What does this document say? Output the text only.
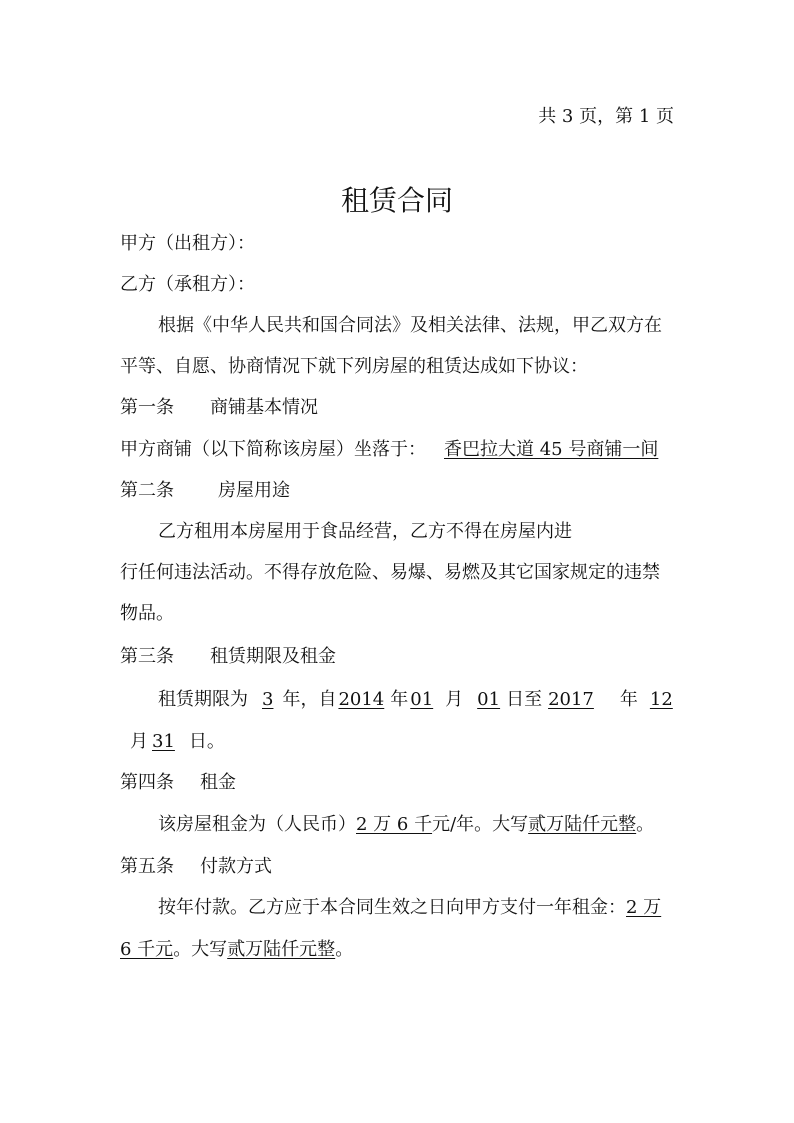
共 3 页，第 1 页
租赁合同
甲方（出租方）：
乙方（承租方）：
根据《中华人民共和国合同法》及相关法律、法规，甲乙双方在
平等、自愿、协商情况下就下列房屋的租赁达成如下协议：
第一条 商铺基本情况
甲方商铺（以下简称该房屋）坐落于： 香巴拉大道 45 号商铺一间
第二条 房屋用途
乙方租用本房屋用于食品经营，乙方不得在房屋内进
行任何违法活动。不得存放危险、易爆、易燃及其它国家规定的违禁
物品。
第三条 租赁期限及租金
租赁期限为 3 年，自 2014 年 01 月 01 日至 2017 年 12
月 31 日。
第四条 租金
该房屋租金为（人民币）2 万 6 千元/年。大写贰万陆仟元整。
第五条 付款方式
按年付款。乙方应于本合同生效之日向甲方支付一年租金：2 万
6 千元。大写贰万陆仟元整。
